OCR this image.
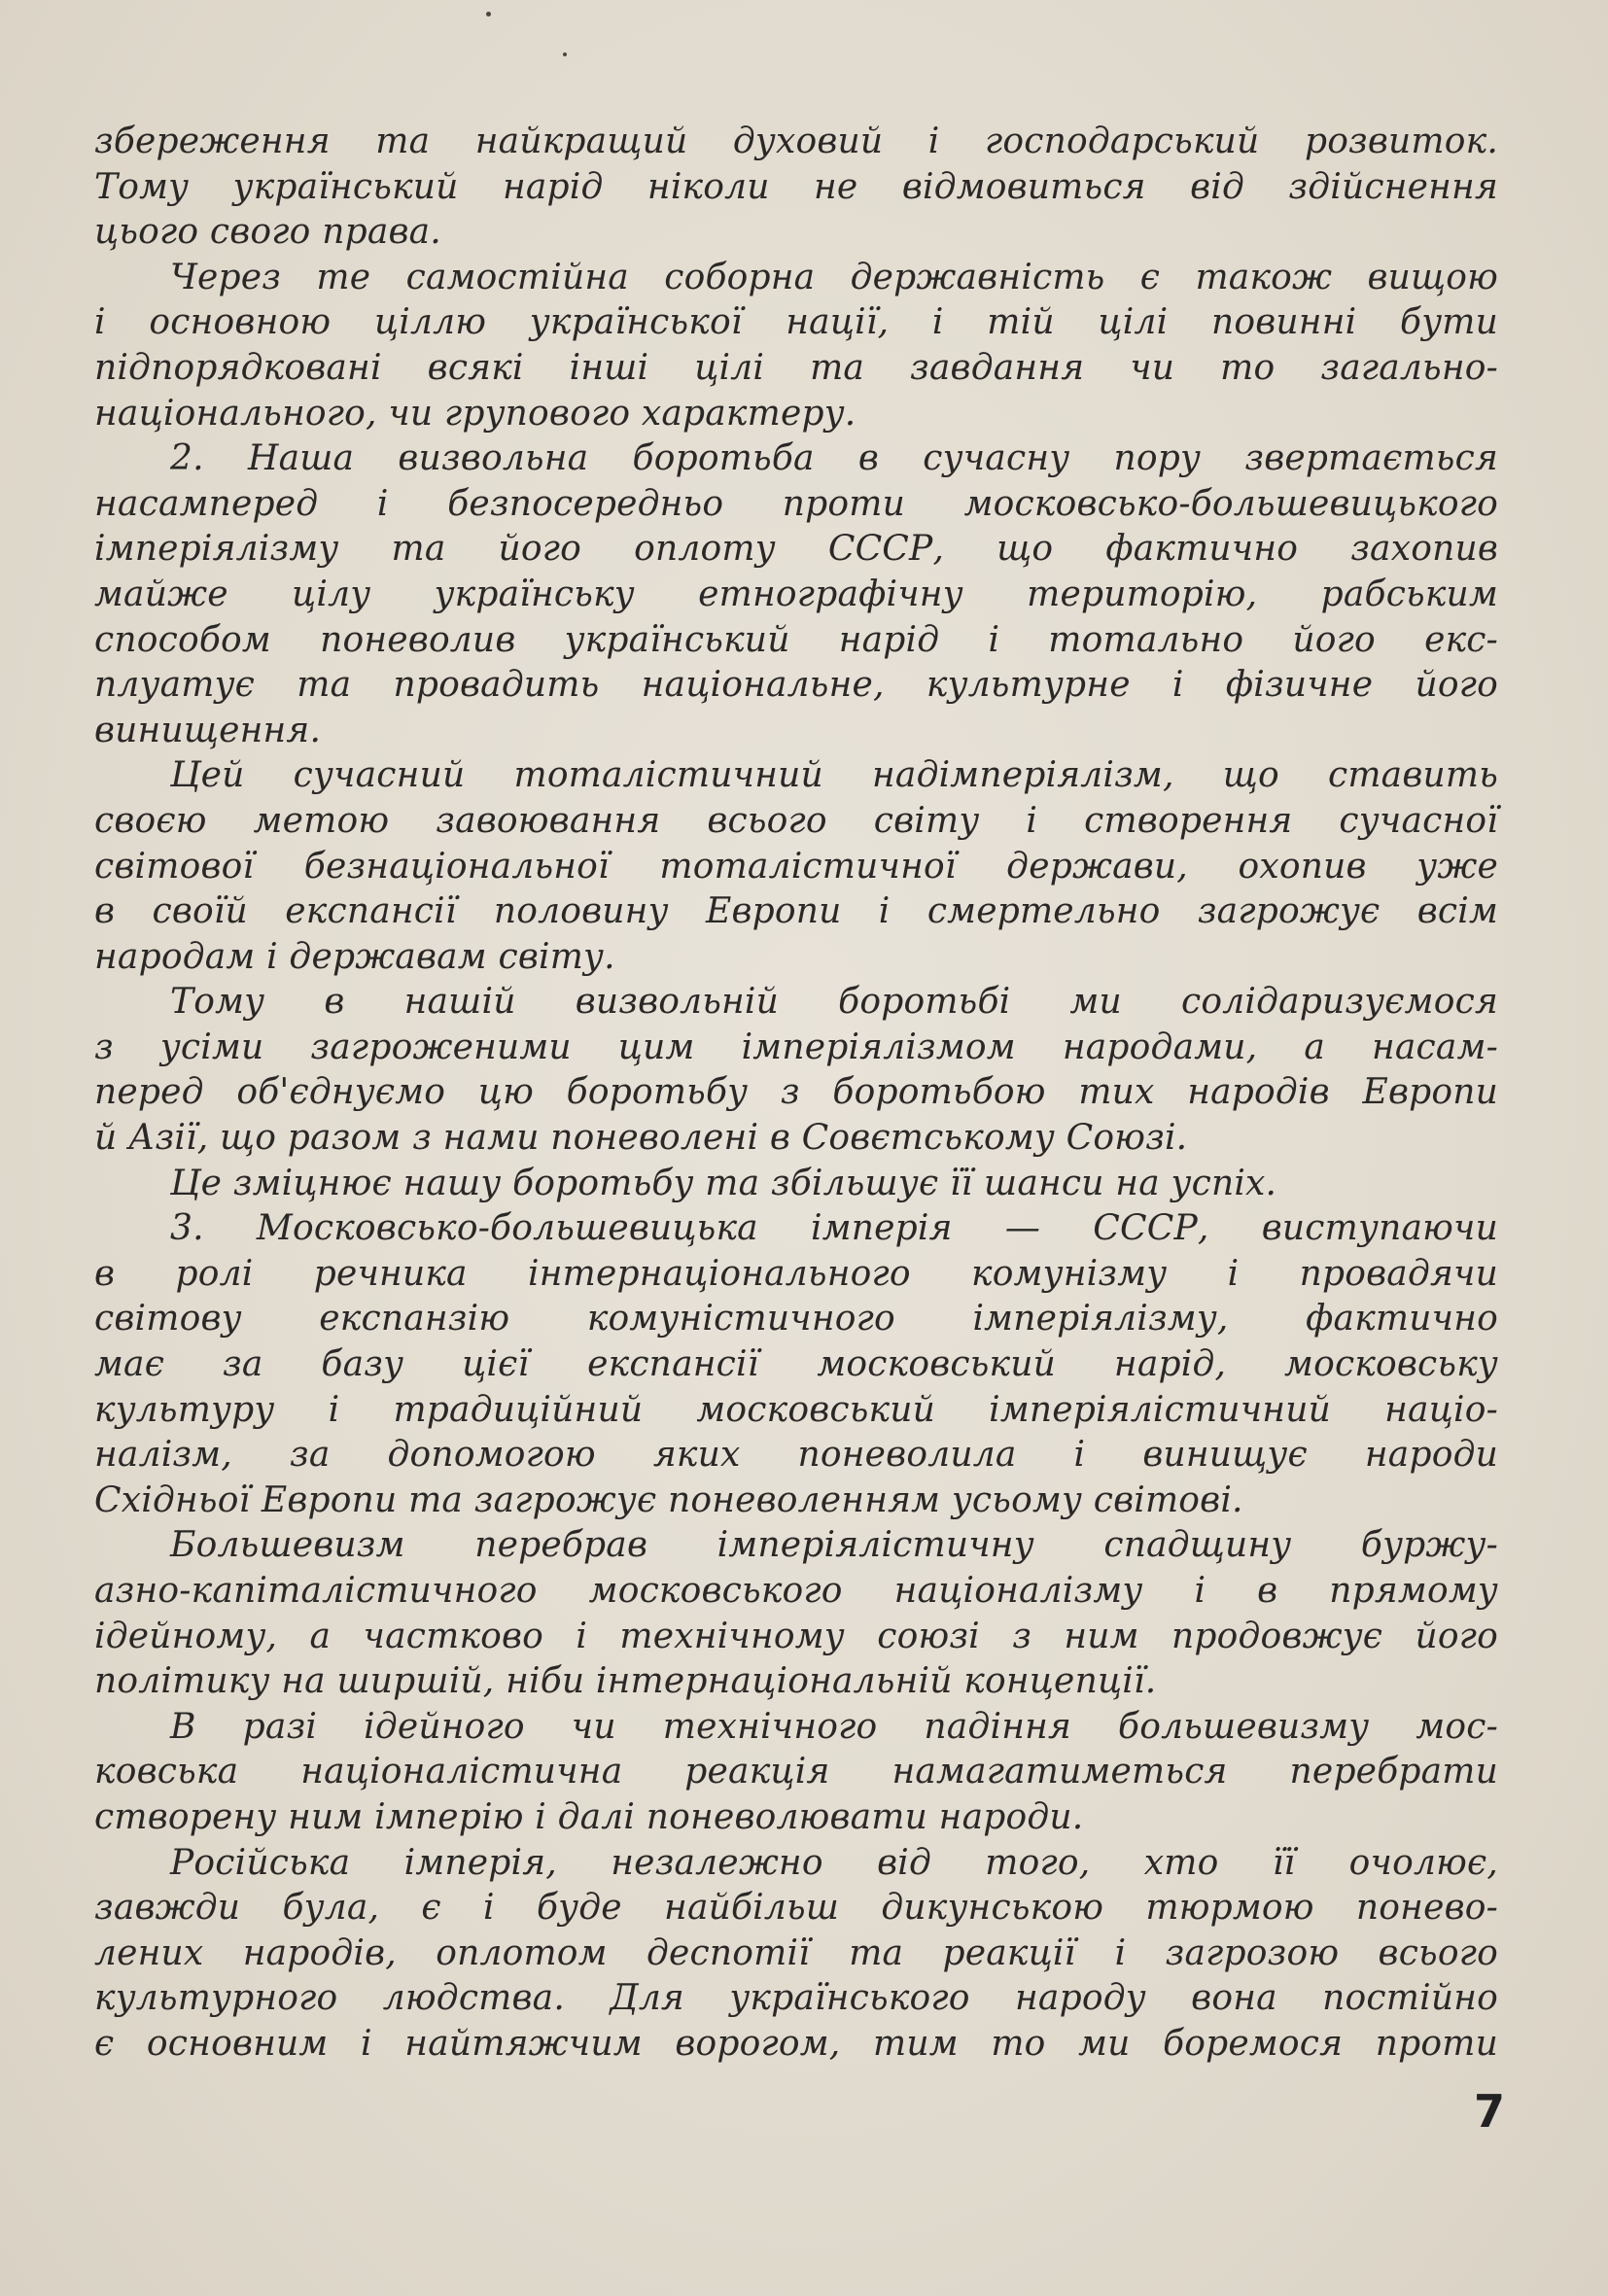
збереження та найкращий духовий і господарський розвиток.
Тому український нарід ніколи не відмовиться від здійснення
цього свого права.
Через те самостійна соборна державність є також вищою
і основною ціллю української нації, і тій цілі повинні бути
підпорядковані всякі інші цілі та завдання чи то загально-
національного, чи групового характеру.
2. Наша визвольна боротьба в сучасну пору звертається
насамперед і безпосередньо проти московсько-большевицького
імперіялізму та його оплоту СССР, що фактично захопив
майже цілу українську етнографічну територію, рабським
способом поневолив український нарід і тотально його екс-
плуатує та провадить національне, культурне і фізичне його
винищення.
Цей сучасний тоталістичний надімперіялізм, що ставить
своєю метою завоювання всього світу і створення сучасної
світової безнаціональної тоталістичної держави, охопив уже
в своїй експансії половину Европи і смертельно загрожує всім
народам і державам світу.
Тому в нашій визвольній боротьбі ми солідаризуємося
з усіми загроженими цим імперіялізмом народами, а насам-
перед об'єднуємо цю боротьбу з боротьбою тих народів Европи
й Азії, що разом з нами поневолені в Совєтському Союзі.
Це зміцнює нашу боротьбу та збільшує її шанси на успіх.
3. Московсько-большевицька імперія — СССР, виступаючи
в ролі речника інтернаціонального комунізму і провадячи
світову експанзію комуністичного імперіялізму, фактично
має за базу цієї експансії московський нарід, московську
культуру і традиційний московський імперіялістичний націо-
налізм, за допомогою яких поневолила і винищує народи
Східньої Европи та загрожує поневоленням усьому світові.
Большевизм перебрав імперіялістичну спадщину буржу-
азно-капіталістичного московського націоналізму і в прямому
ідейному, а частково і технічному союзі з ним продовжує його
політику на ширшій, ніби інтернаціональній концепції.
В разі ідейного чи технічного падіння большевизму мос-
ковська націоналістична реакція намагатиметься перебрати
створену ним імперію і далі поневолювати народи.
Російська імперія, незалежно від того, хто її очолює,
завжди була, є і буде найбільш дикунською тюрмою понево-
лених народів, оплотом деспотії та реакції і загрозою всього
культурного людства. Для українського народу вона постійно
є основним і найтяжчим ворогом, тим то ми боремося проти
7
